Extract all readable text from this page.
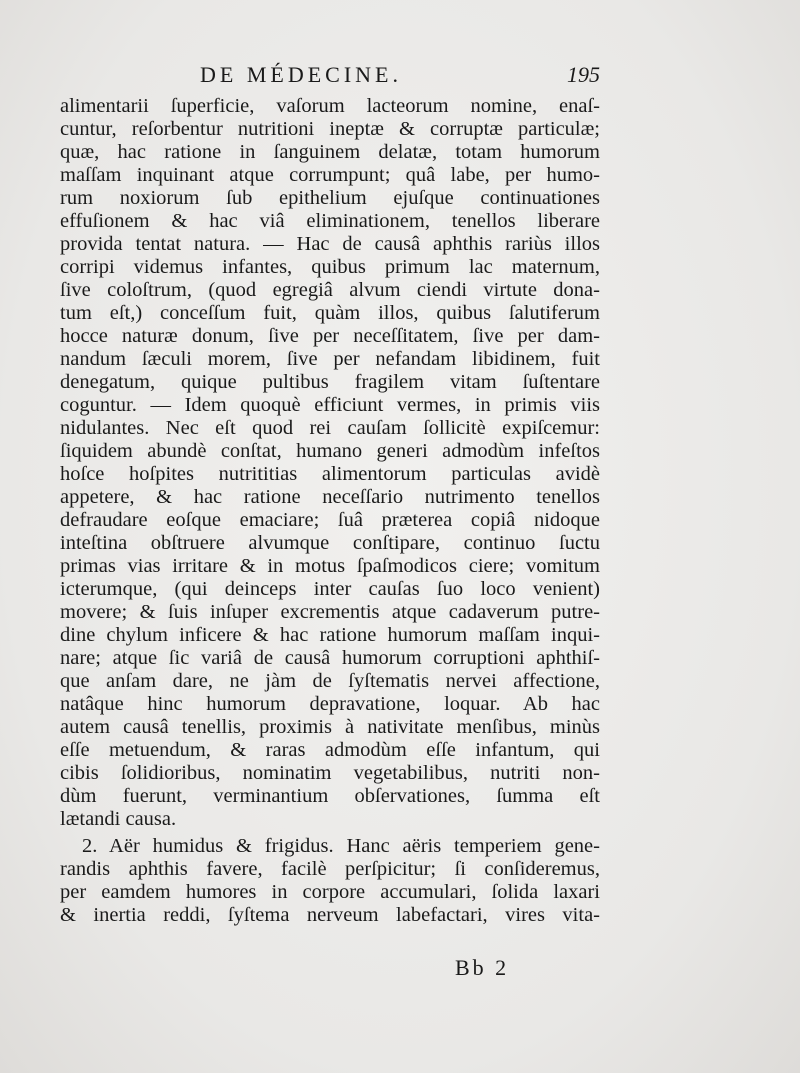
DE MÉDECINE.	195
alimentarii ſuperficie, vaſorum lacteorum nomine, enaſ-
cuntur, reſorbentur nutritioni ineptæ & corruptæ particulæ;
quæ, hac ratione in ſanguinem delatæ, totam humorum
maſſam inquinant atque corrumpunt; quâ labe, per humo-
rum noxiorum ſub epithelium ejuſque continuationes
effuſionem & hac viâ eliminationem, tenellos liberare
provida tentat natura. — Hac de causâ aphthis rariùs illos
corripi videmus infantes, quibus primum lac maternum,
ſive coloſtrum, (quod egregiâ alvum ciendi virtute dona-
tum eſt,) conceſſum fuit, quàm illos, quibus ſalutiferum
hocce naturæ donum, ſive per neceſſitatem, ſive per dam-
nandum ſæculi morem, ſive per nefandam libidinem, fuit
denegatum, quique pultibus fragilem vitam ſuſtentare
coguntur. — Idem quoquè efficiunt vermes, in primis viis
nidulantes. Nec eſt quod rei cauſam ſollicitè expiſcemur:
ſiquidem abundè conſtat, humano generi admodùm infeſtos
hoſce hoſpites nutrititias alimentorum particulas avidè
appetere, & hac ratione neceſſario nutrimento tenellos
defraudare eoſque emaciare; ſuâ præterea copiâ nidoque
inteſtina obſtruere alvumque conſtipare, continuo ſuctu
primas vias irritare & in motus ſpaſmodicos ciere; vomitum
icterumque, (qui deinceps inter cauſas ſuo loco venient)
movere; & ſuis inſuper excrementis atque cadaverum putre-
dine chylum inficere & hac ratione humorum maſſam inqui-
nare; atque ſic variâ de causâ humorum corruptioni aphthiſ-
que anſam dare, ne jàm de ſyſtematis nervei affectione,
natâque hinc humorum depravatione, loquar. Ab hac
autem causâ tenellis, proximis à nativitate menſibus, minùs
eſſe metuendum, & raras admodùm eſſe infantum, qui
cibis ſolidioribus, nominatim vegetabilibus, nutriti non-
dùm fuerunt, verminantium obſervationes, ſumma eſt
lætandi causa.
2. Aër humidus & frigidus. Hanc aëris temperiem gene-
randis aphthis favere, facilè perſpicitur; ſi conſideremus,
per eamdem humores in corpore accumulari, ſolida laxari
& inertia reddi, ſyſtema nerveum labefactari, vires vita-
Bb 2
